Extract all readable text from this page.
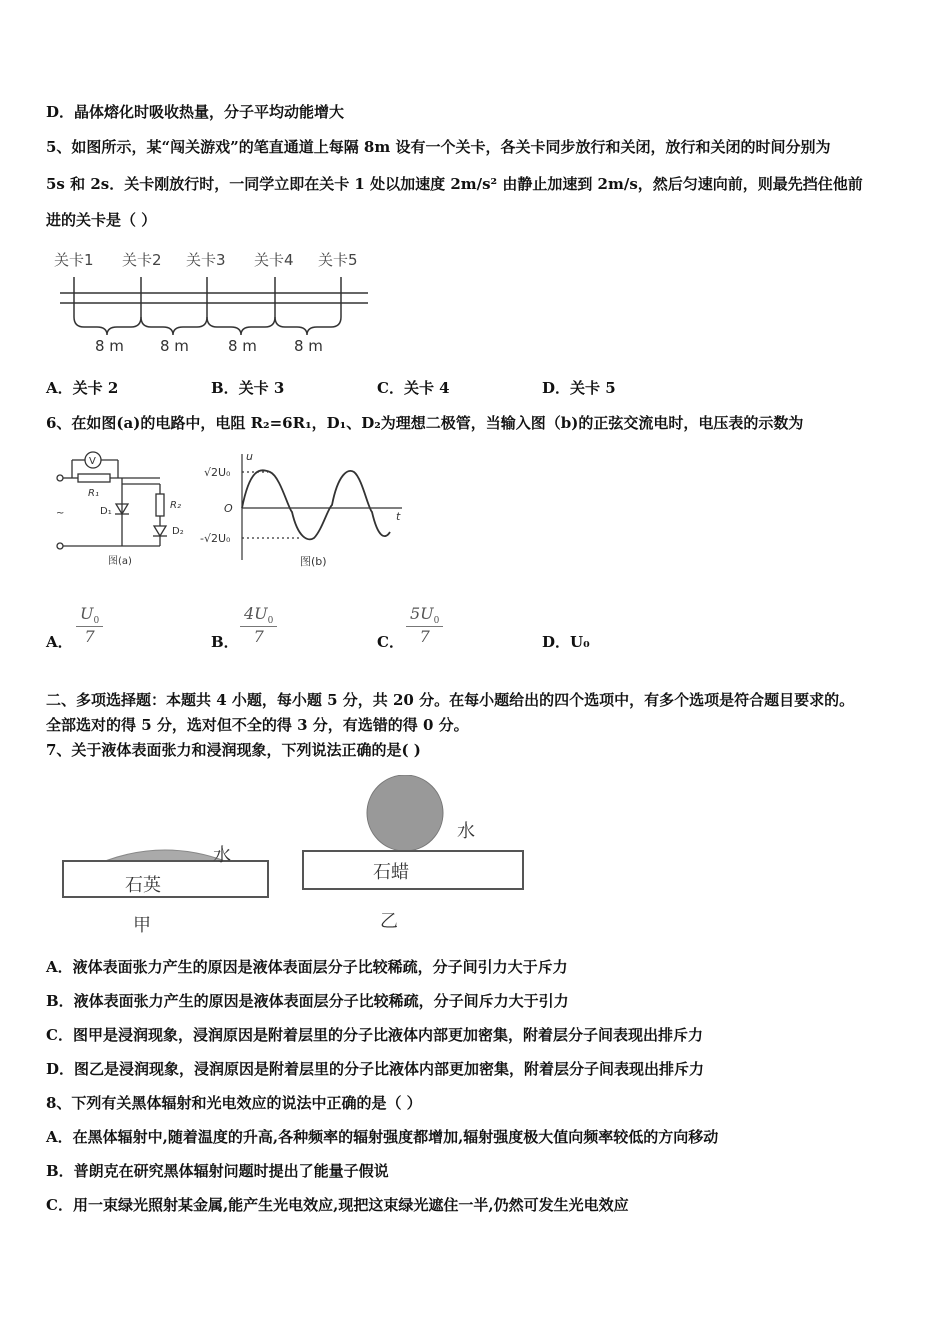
D．晶体熔化时吸收热量，分子平均动能增大
5、如图所示，某“闯关游戏”的笔直通道上每隔 8m 设有一个关卡，各关卡同步放行和关闭，放行和关闭的时间分别为
5s 和 2s．关卡刚放行时，一同学立即在关卡 1 处以加速度 2m/s² 由静止加速到 2m/s，然后匀速向前，则最先挡住他前
进的关卡是（ ）
关卡1 关卡2 关卡3 关卡4 关卡5
8 m 8 m	8 m 8 m
A．关卡 2	B．关卡 3	C．关卡 4	D．关卡 5
6、在如图(a)的电路中，电阻 R₂=6R₁，D₁、D₂为理想二极管，当输入图（b)的正弦交流电时，电压表的示数为
V
R₁
R₂
D₁
D₂
~
图(a)
u
√2U₀
O
-√2U₀
t
图(b)
A． $\frac{U_0}{7}$	B． $\frac{4U_0}{7}$	C． $\frac{5U_0}{7}$	D．U₀
二、多项选择题：本题共 4 小题，每小题 5 分，共 20 分。在每小题给出的四个选项中，有多个选项是符合题目要求的。
全部选对的得 5 分，选对但不全的得 3 分，有选错的得 0 分。
7、关于液体表面张力和浸润现象，下列说法正确的是( )
石英
水
甲
石蜡
水
乙
A．液体表面张力产生的原因是液体表面层分子比较稀疏，分子间引力大于斥力
B．液体表面张力产生的原因是液体表面层分子比较稀疏，分子间斥力大于引力
C．图甲是浸润现象，浸润原因是附着层里的分子比液体内部更加密集，附着层分子间表现出排斥力
D．图乙是浸润现象，浸润原因是附着层里的分子比液体内部更加密集，附着层分子间表现出排斥力
8、下列有关黑体辐射和光电效应的说法中正确的是（ ）
A．在黑体辐射中,随着温度的升高,各种频率的辐射强度都增加,辐射强度极大值向频率较低的方向移动
B．普朗克在研究黑体辐射问题时提出了能量子假说
C．用一束绿光照射某金属,能产生光电效应,现把这束绿光遮住一半,仍然可发生光电效应
